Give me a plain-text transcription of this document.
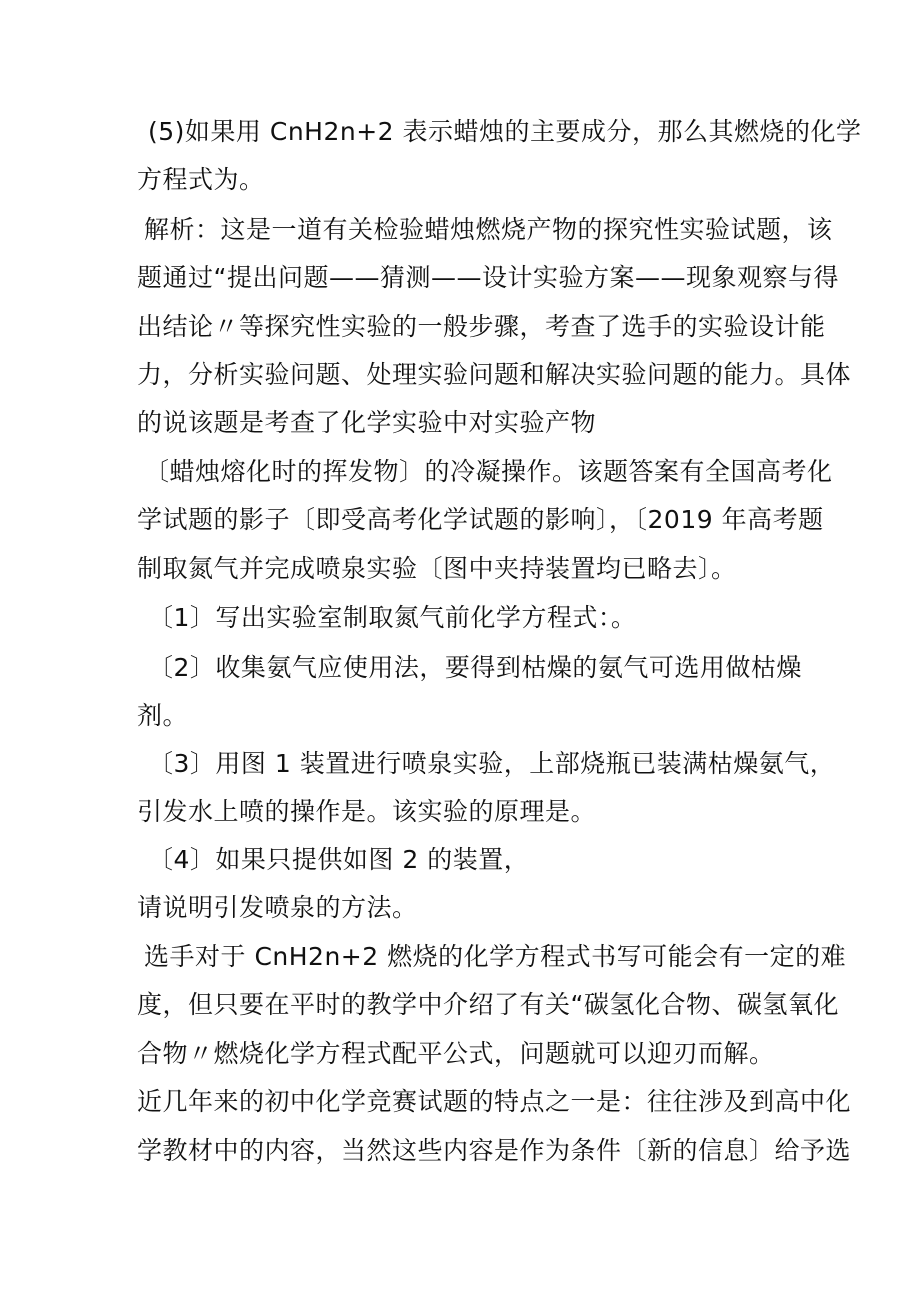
(5)如果用 CnH2n+2 表示蜡烛的主要成分，那么其燃烧的化学
方程式为。
解析：这是一道有关检验蜡烛燃烧产物的探究性实验试题，该
题通过“提出问题——猜测——设计实验方案——现象观察与得
出结论〃等探究性实验的一般步骤，考查了选手的实验设计能
力，分析实验问题、处理实验问题和解决实验问题的能力。具体
的说该题是考查了化学实验中对实验产物
〔蜡烛熔化时的挥发物〕的冷凝操作。该题答案有全国高考化
学试题的影子〔即受高考化学试题的影响〕，〔2019 年高考题
制取氮气并完成喷泉实验〔图中夹持装置均已略去〕。
〔1〕写出实验室制取氮气前化学方程式：。
〔2〕收集氨气应使用法，要得到枯燥的氨气可选用做枯燥
剂。
〔3〕用图 1 装置进行喷泉实验，上部烧瓶已装满枯燥氨气，
引发水上喷的操作是。该实验的原理是。
〔4〕如果只提供如图 2 的装置，
请说明引发喷泉的方法。
选手对于 CnH2n+2 燃烧的化学方程式书写可能会有一定的难
度，但只要在平时的教学中介绍了有关“碳氢化合物、碳氢氧化
合物〃燃烧化学方程式配平公式，问题就可以迎刃而解。
近几年来的初中化学竞赛试题的特点之一是：往往涉及到高中化
学教材中的内容，当然这些内容是作为条件〔新的信息〕给予选
